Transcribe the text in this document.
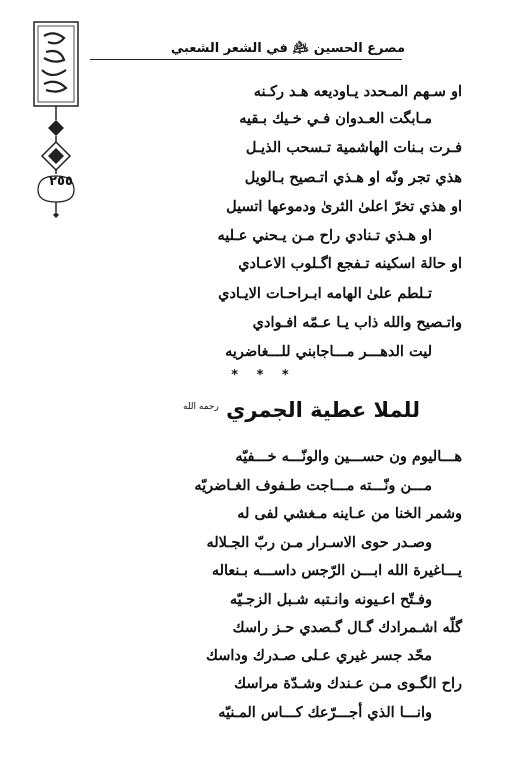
٢٥٥
مصرع الحسين ﵇ في الشعر الشعبي
او سـهم المـحدد يـاوديعه هـد ركـنه
مـابگت العـدوان فـي خـيك بـقيه
فـرت بـنات الهاشمية تـسحب الذيـل
هذي تجر ونّه او هـذي اتـصيح بـالويل
او هذي تخرّ اعلىٰ الثرىٰ ودموعها اتسيل
او هـذي تـنادي راح مـن يـحني عـليه
او حالة اسكينه تـفجع اگـلوب الاعـادي
تـلطم علىٰ الهامه ابـراحـات الايـادي
واتـصيح والله ذاب يـا عـمّه افـوادي
ليت الدهـــر مـــاجابني للـــغاضريه
* * *
للملا عطية الجمري $^{رحمه الله}$
هـــاليوم ون حســـين والونّـــه خـــفيّه
مـــن ونّـــته مـــاجت طـفوف الغـاضريّه
وشمر الخنا من عـاينه مـغشي لفى له
وصـدر حوى الاسـرار مـن ربّ الجـلاله
يـــاغيرة الله ابـــن الرّجس داســـه بـنعاله
وفـتّح اعـيونه وانـتبه شـبل الزجـيّه
گلّه اشـمرادك گـال گـصدي حـز راسك
محّد جسر غيري عـلى صـدرك وداسك
راح الگـوى مـن عـندك وشـدّة مراسك
وانـــا الذي أجـــرّعك كـــاس المـنيّه
